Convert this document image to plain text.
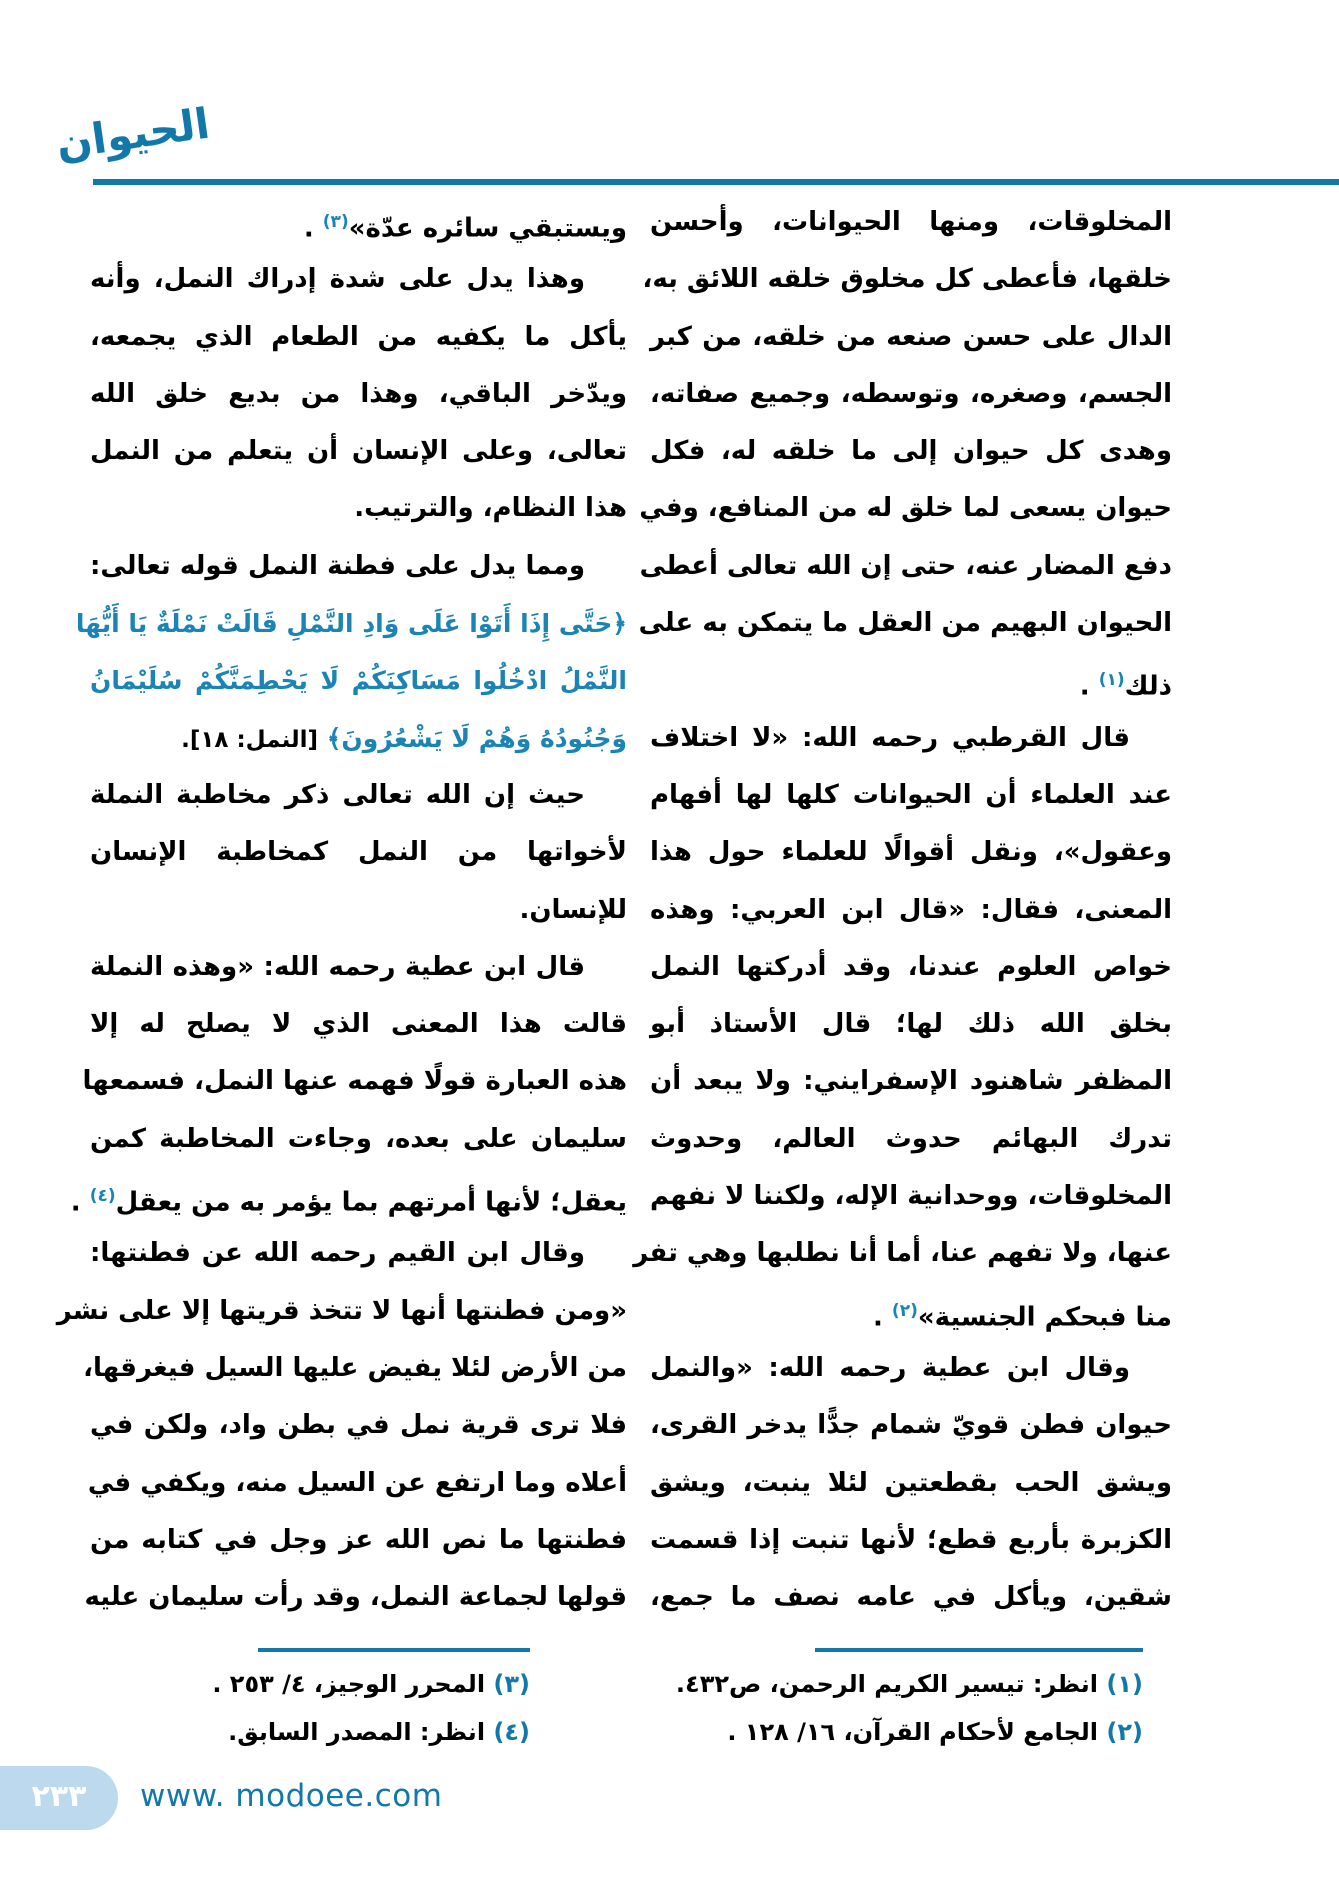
الحيوان
المخلوقات، ومنها الحيوانات، وأحسن
خلقها، فأعطى كل مخلوق خلقه اللائق به،
الدال على حسن صنعه من خلقه، من كبر
الجسم، وصغره، وتوسطه، وجميع صفاته،
وهدى كل حيوان إلى ما خلقه له، فكل
حيوان يسعى لما خلق له من المنافع، وفي
دفع المضار عنه، حتى إن الله تعالى أعطى
الحيوان البهيم من العقل ما يتمكن به على
ذلك$^{(١)}$ .
قال القرطبي رحمه الله: «لا اختلاف
عند العلماء أن الحيوانات كلها لها أفهام
وعقول»، ونقل أقوالًا للعلماء حول هذا
المعنى، فقال: «قال ابن العربي: وهذه
خواص العلوم عندنا، وقد أدركتها النمل
بخلق الله ذلك لها؛ قال الأستاذ أبو
المظفر شاهنود الإسفرايني: ولا يبعد أن
تدرك البهائم حدوث العالم، وحدوث
المخلوقات، ووحدانية الإله، ولكننا لا نفهم
عنها، ولا تفهم عنا، أما أنا نطلبها وهي تفر
منا فبحكم الجنسية»$^{(٢)}$ .
وقال ابن عطية رحمه الله: «والنمل
حيوان فطن قويّ شمام جدًّا يدخر القرى،
ويشق الحب بقطعتين لئلا ينبت، ويشق
الكزبرة بأربع قطع؛ لأنها تنبت إذا قسمت
شقين، ويأكل في عامه نصف ما جمع،
ويستبقي سائره عدّة»$^{(٣)}$ .
وهذا يدل على شدة إدراك النمل، وأنه
يأكل ما يكفيه من الطعام الذي يجمعه،
ويدّخر الباقي، وهذا من بديع خلق الله
تعالى، وعلى الإنسان أن يتعلم من النمل
هذا النظام، والترتيب.
ومما يدل على فطنة النمل قوله تعالى:
﴿حَتَّى إِذَا أَتَوْا عَلَى وَادِ النَّمْلِ قَالَتْ نَمْلَةٌ يَا أَيُّهَا
النَّمْلُ ادْخُلُوا مَسَاكِنَكُمْ لَا يَحْطِمَنَّكُمْ سُلَيْمَانُ
وَجُنُودُهُ وَهُمْ لَا يَشْعُرُونَ﴾ [النمل: ١٨].
حيث إن الله تعالى ذكر مخاطبة النملة
لأخواتها من النمل كمخاطبة الإنسان
للإنسان.
قال ابن عطية رحمه الله: «وهذه النملة
قالت هذا المعنى الذي لا يصلح له إلا
هذه العبارة قولًا فهمه عنها النمل، فسمعها
سليمان على بعده، وجاءت المخاطبة كمن
يعقل؛ لأنها أمرتهم بما يؤمر به من يعقل$^{(٤)}$ .
وقال ابن القيم رحمه الله عن فطنتها:
«ومن فطنتها أنها لا تتخذ قريتها إلا على نشر
من الأرض لئلا يفيض عليها السيل فيغرقها،
فلا ترى قرية نمل في بطن واد، ولكن في
أعلاه وما ارتفع عن السيل منه، ويكفي في
فطنتها ما نص الله عز وجل في كتابه من
قولها لجماعة النمل، وقد رأت سليمان عليه
(١) انظر: تيسير الكريم الرحمن، ص٤٣٢.
(٢) الجامع لأحكام القرآن، ١٦/ ١٢٨ .
(٣) المحرر الوجيز، ٤/ ٢٥٣ .
(٤) انظر: المصدر السابق.
٢٣٣	www. modoee.com
